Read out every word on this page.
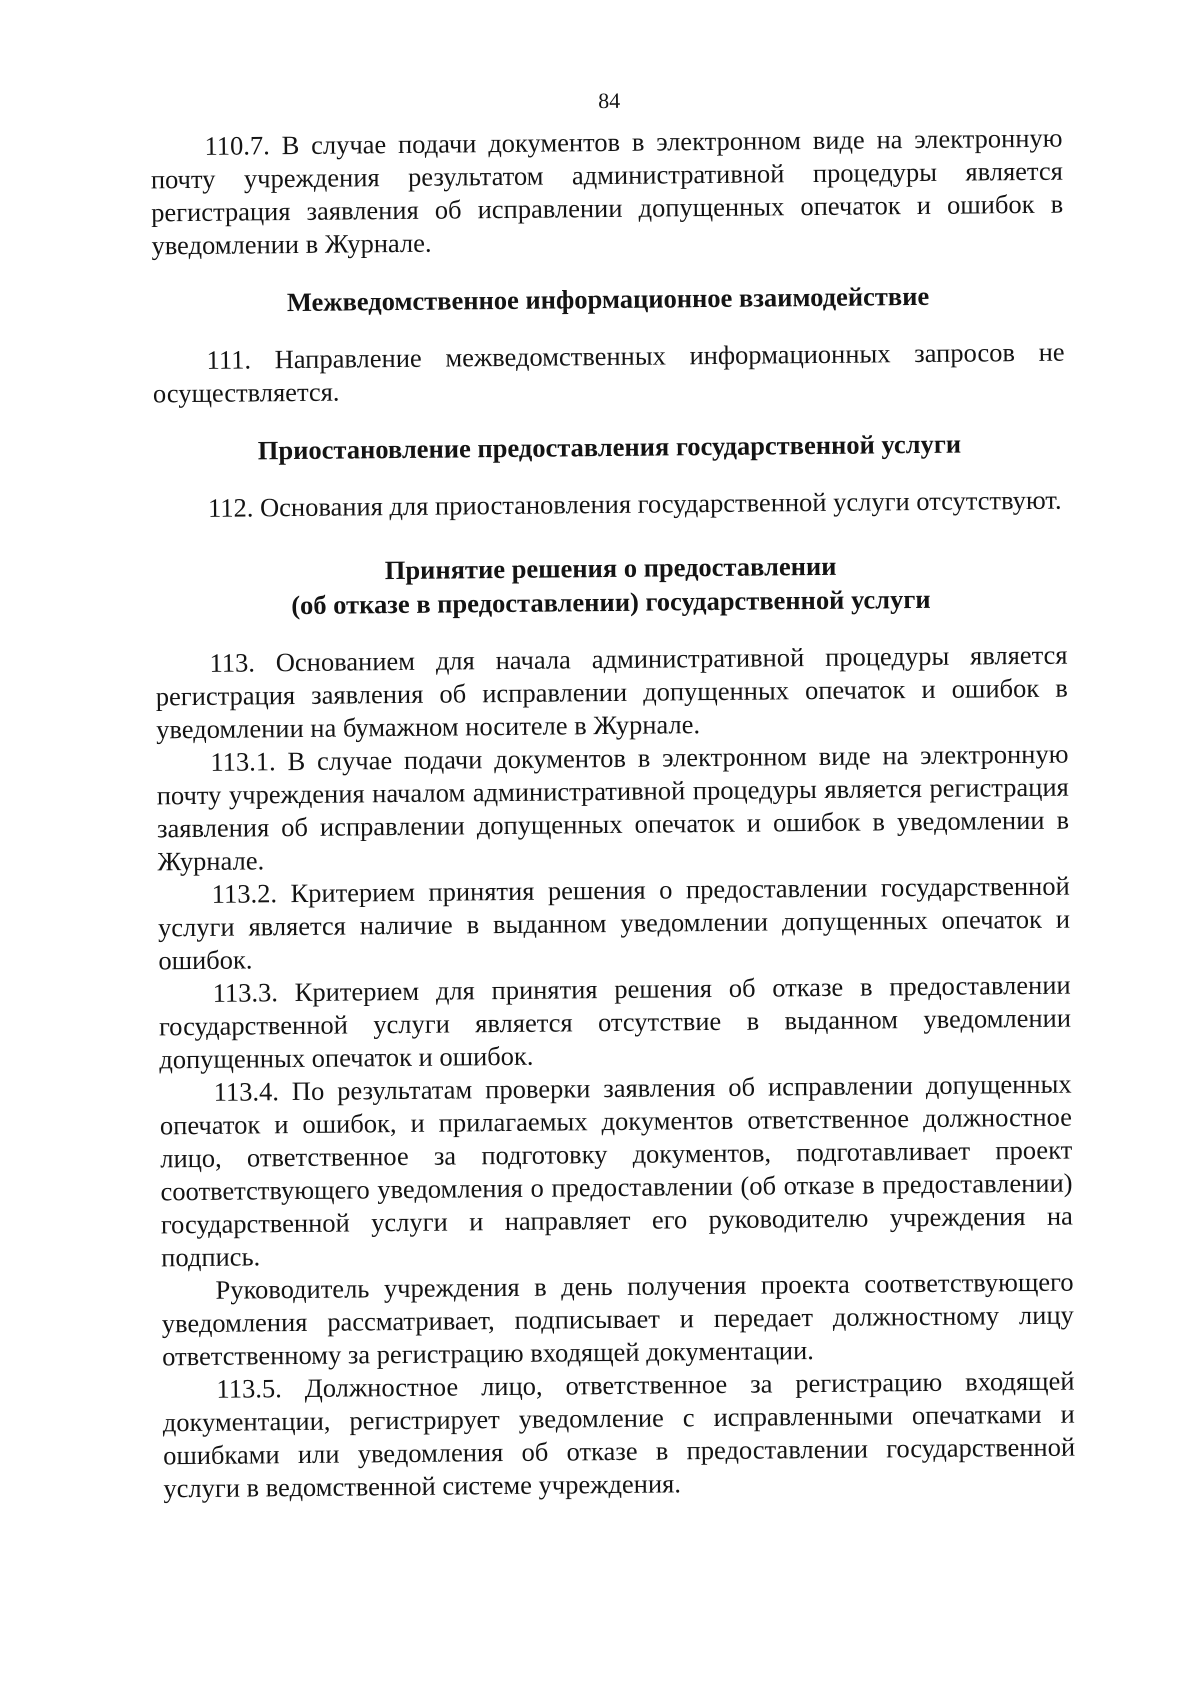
84

110.7. В случае подачи документов в электронном виде на электронную почту учреждения результатом административной процедуры является регистрация заявления об исправлении допущенных опечаток и ошибок в уведомлении в Журнале.

Межведомственное информационное взаимодействие

111. Направление межведомственных информационных запросов не осуществляется.

Приостановление предоставления государственной услуги

112. Основания для приостановления государственной услуги отсутствуют.

Принятие решения о предоставлении
(об отказе в предоставлении) государственной услуги

113. Основанием для начала административной процедуры является регистрация заявления об исправлении допущенных опечаток и ошибок в уведомлении на бумажном носителе в Журнале.

113.1. В случае подачи документов в электронном виде на электронную почту учреждения началом административной процедуры является регистрация заявления об исправлении допущенных опечаток и ошибок в уведомлении в Журнале.

113.2. Критерием принятия решения о предоставлении государственной услуги является наличие в выданном уведомлении допущенных опечаток и ошибок.

113.3. Критерием для принятия решения об отказе в предоставлении государственной услуги является отсутствие в выданном уведомлении допущенных опечаток и ошибок.

113.4. По результатам проверки заявления об исправлении допущенных опечаток и ошибок, и прилагаемых документов ответственное должностное лицо, ответственное за подготовку документов, подготавливает проект соответствующего уведомления о предоставлении (об отказе в предоставлении) государственной услуги и направляет его руководителю учреждения на подпись.

Руководитель учреждения в день получения проекта соответствующего уведомления рассматривает, подписывает и передает должностному лицу ответственному за регистрацию входящей документации.

113.5. Должностное лицо, ответственное за регистрацию входящей документации, регистрирует уведомление с исправленными опечатками и ошибками или уведомления об отказе в предоставлении государственной услуги в ведомственной системе учреждения.
